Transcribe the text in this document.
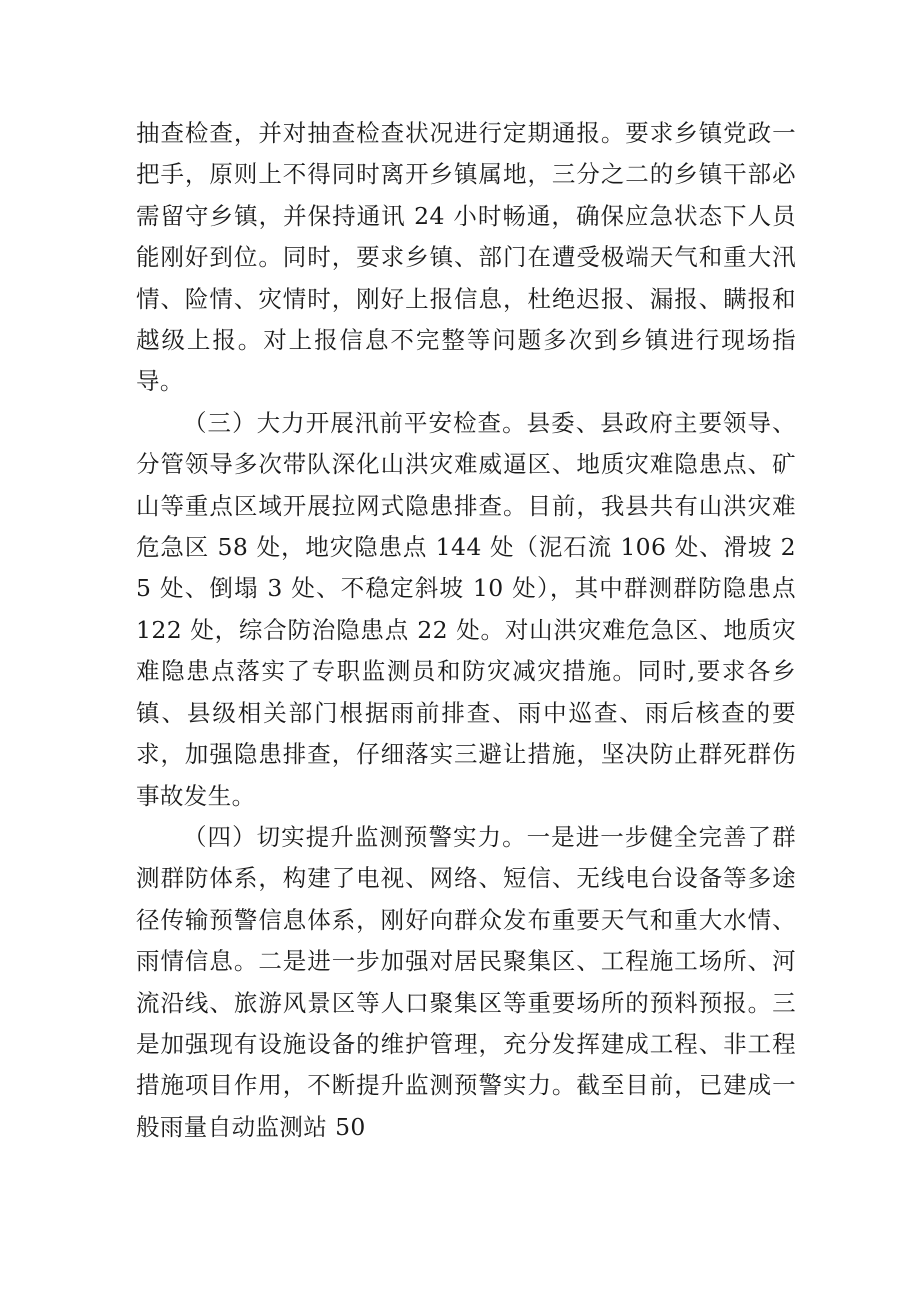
抽查检查，并对抽查检查状况进行定期通报。要求乡镇党政一把手，原则上不得同时离开乡镇属地，三分之二的乡镇干部必需留守乡镇，并保持通讯 24 小时畅通，确保应急状态下人员能刚好到位。同时，要求乡镇、部门在遭受极端天气和重大汛情、险情、灾情时，刚好上报信息，杜绝迟报、漏报、瞒报和越级上报。对上报信息不完整等问题多次到乡镇进行现场指导。

（三）大力开展汛前平安检查。县委、县政府主要领导、分管领导多次带队深化山洪灾难威逼区、地质灾难隐患点、矿山等重点区域开展拉网式隐患排查。目前，我县共有山洪灾难危急区 58 处，地灾隐患点 144 处（泥石流 106 处、滑坡 25 处、倒塌 3 处、不稳定斜坡 10 处），其中群测群防隐患点 122 处，综合防治隐患点 22 处。对山洪灾难危急区、地质灾难隐患点落实了专职监测员和防灾减灾措施。同时,要求各乡镇、县级相关部门根据雨前排查、雨中巡查、雨后核查的要求，加强隐患排查，仔细落实三避让措施，坚决防止群死群伤事故发生。

（四）切实提升监测预警实力。一是进一步健全完善了群测群防体系，构建了电视、网络、短信、无线电台设备等多途径传输预警信息体系，刚好向群众发布重要天气和重大水情、雨情信息。二是进一步加强对居民聚集区、工程施工场所、河流沿线、旅游风景区等人口聚集区等重要场所的预料预报。三是加强现有设施设备的维护管理，充分发挥建成工程、非工程措施项目作用，不断提升监测预警实力。截至目前，已建成一般雨量自动监测站 50
